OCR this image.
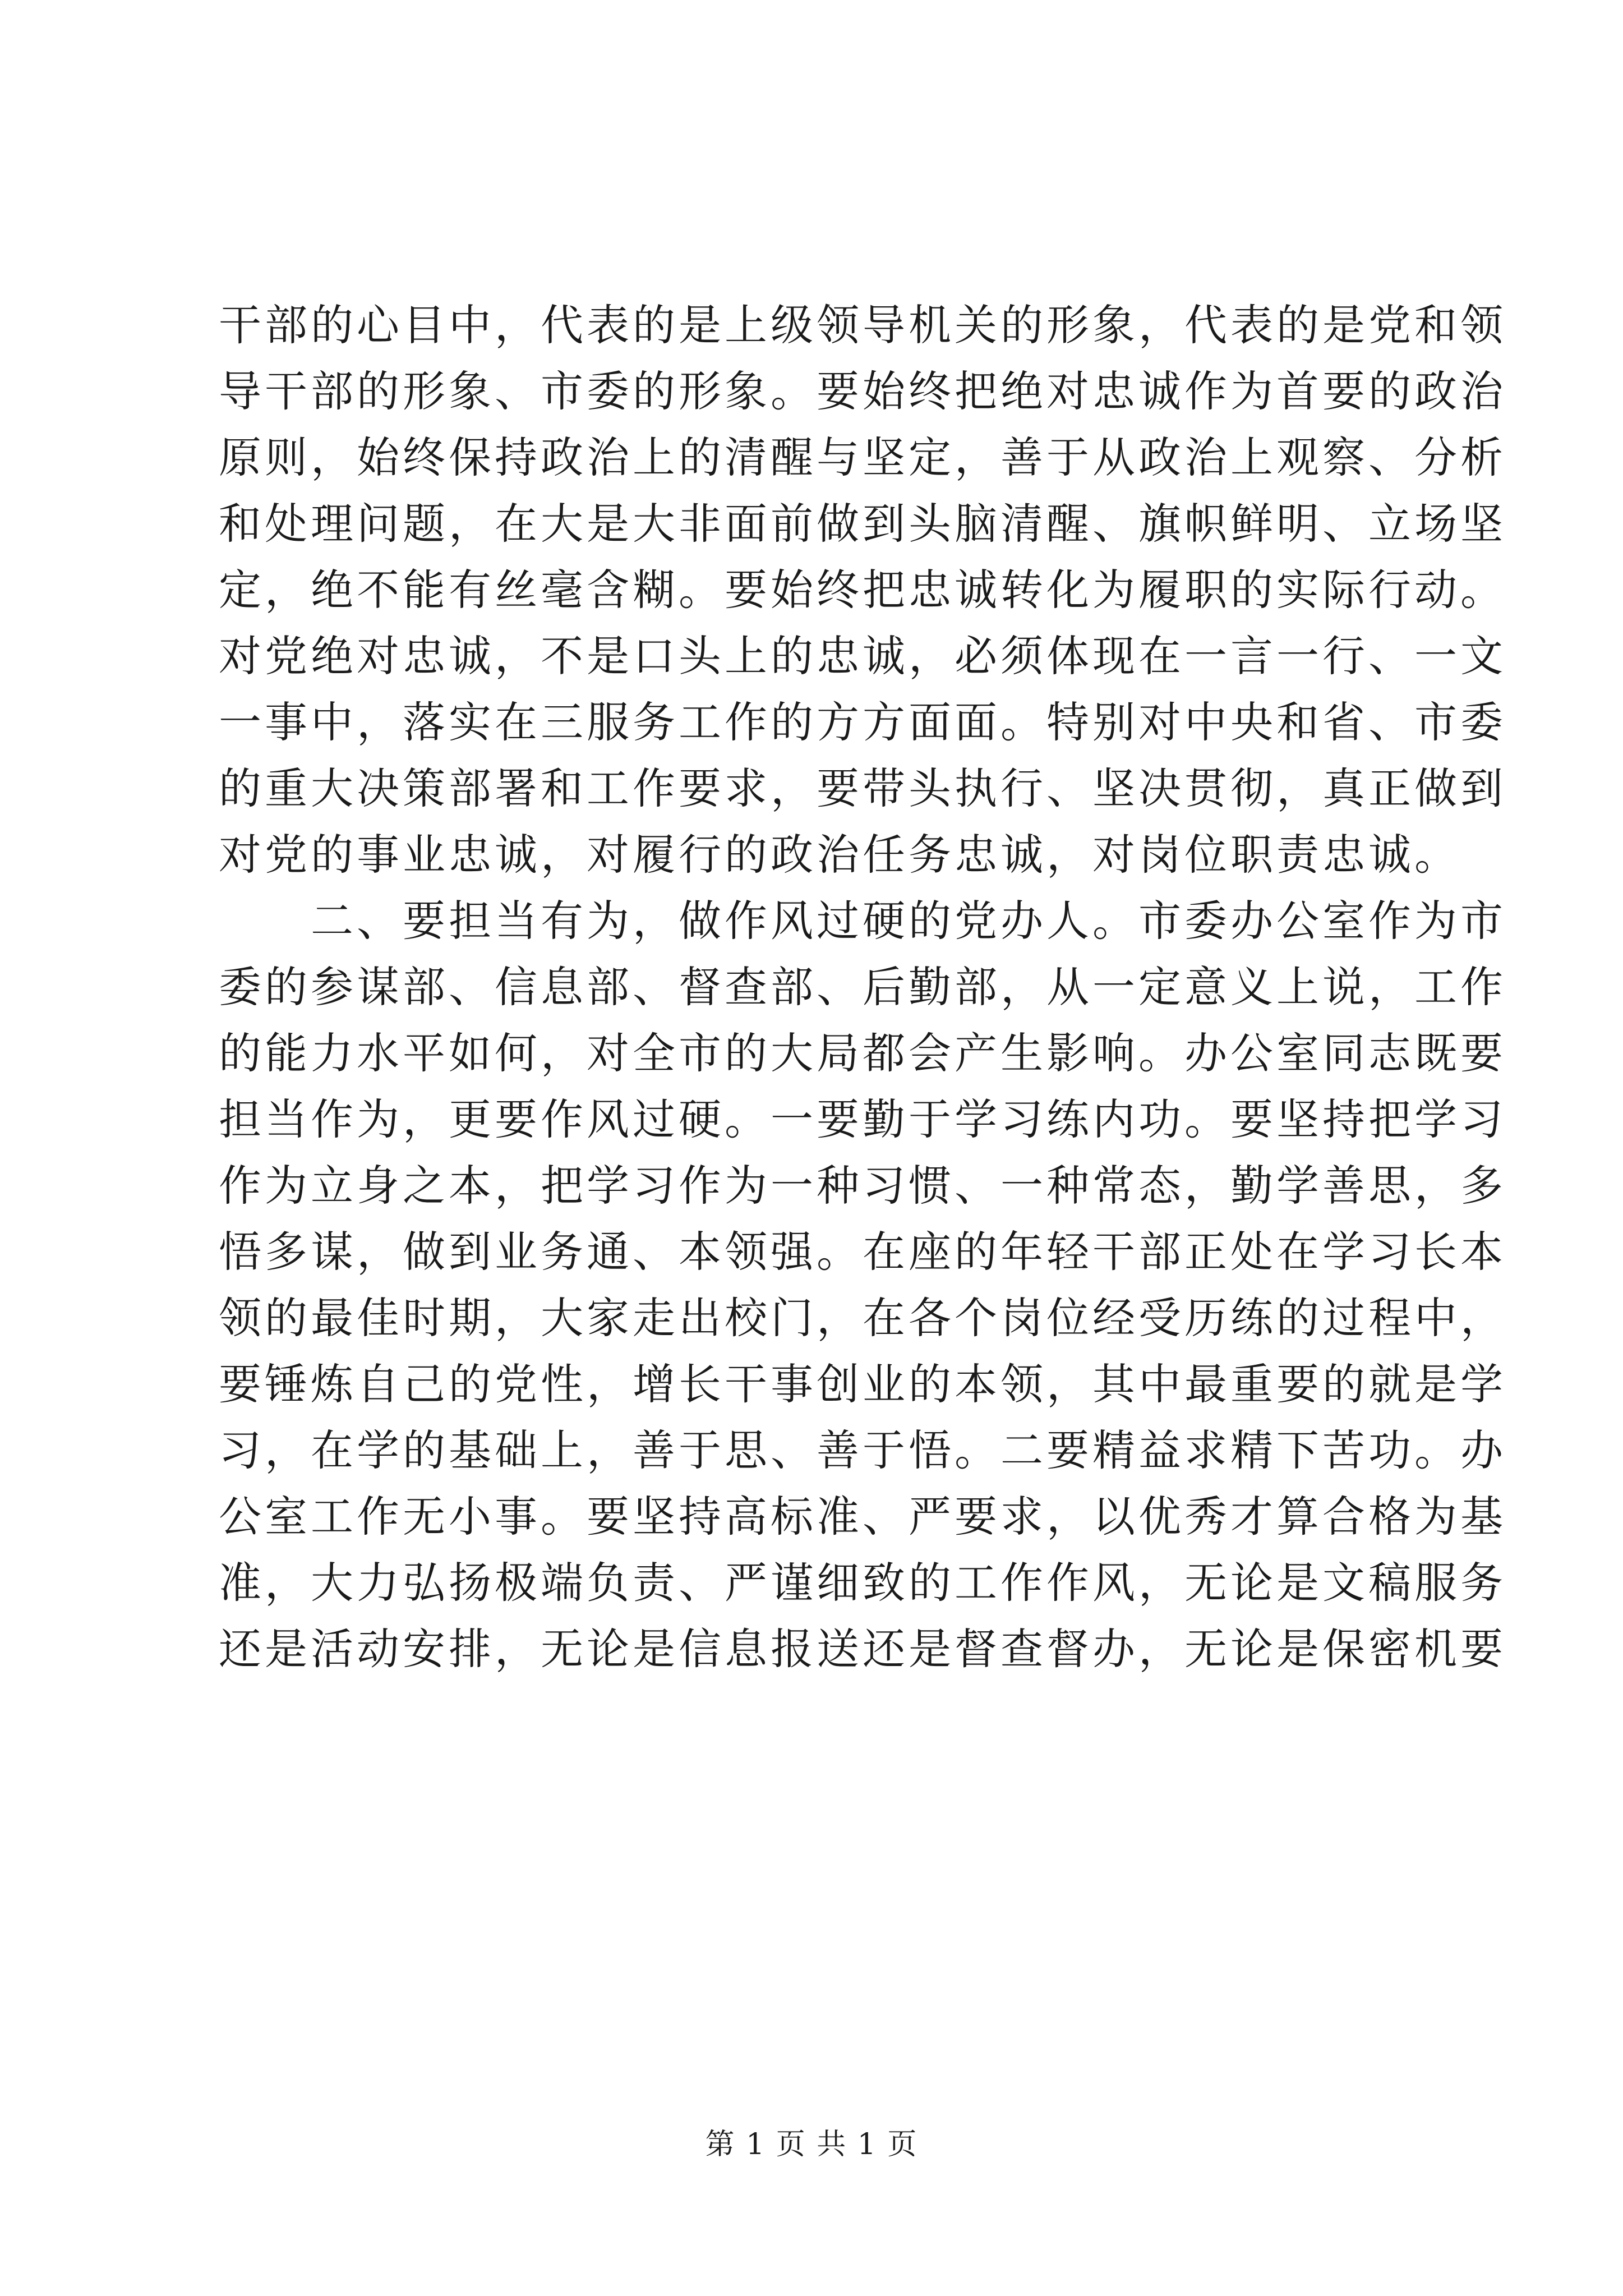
干部的心目中，代表的是上级领导机关的形象，代表的是党和领
导干部的形象、市委的形象。要始终把绝对忠诚作为首要的政治
原则，始终保持政治上的清醒与坚定，善于从政治上观察、分析
和处理问题，在大是大非面前做到头脑清醒、旗帜鲜明、立场坚
定，绝不能有丝毫含糊。要始终把忠诚转化为履职的实际行动。
对党绝对忠诚，不是口头上的忠诚，必须体现在一言一行、一文
一事中，落实在三服务工作的方方面面。特别对中央和省、市委
的重大决策部署和工作要求，要带头执行、坚决贯彻，真正做到
对党的事业忠诚，对履行的政治任务忠诚，对岗位职责忠诚。
　　二、要担当有为，做作风过硬的党办人。市委办公室作为市
委的参谋部、信息部、督查部、后勤部，从一定意义上说，工作
的能力水平如何，对全市的大局都会产生影响。办公室同志既要
担当作为，更要作风过硬。一要勤于学习练内功。要坚持把学习
作为立身之本，把学习作为一种习惯、一种常态，勤学善思，多
悟多谋，做到业务通、本领强。在座的年轻干部正处在学习长本
领的最佳时期，大家走出校门，在各个岗位经受历练的过程中，
要锤炼自己的党性，增长干事创业的本领，其中最重要的就是学
习，在学的基础上，善于思、善于悟。二要精益求精下苦功。办
公室工作无小事。要坚持高标准、严要求，以优秀才算合格为基
准，大力弘扬极端负责、严谨细致的工作作风，无论是文稿服务
还是活动安排，无论是信息报送还是督查督办，无论是保密机要
第 1 页 共 1 页
